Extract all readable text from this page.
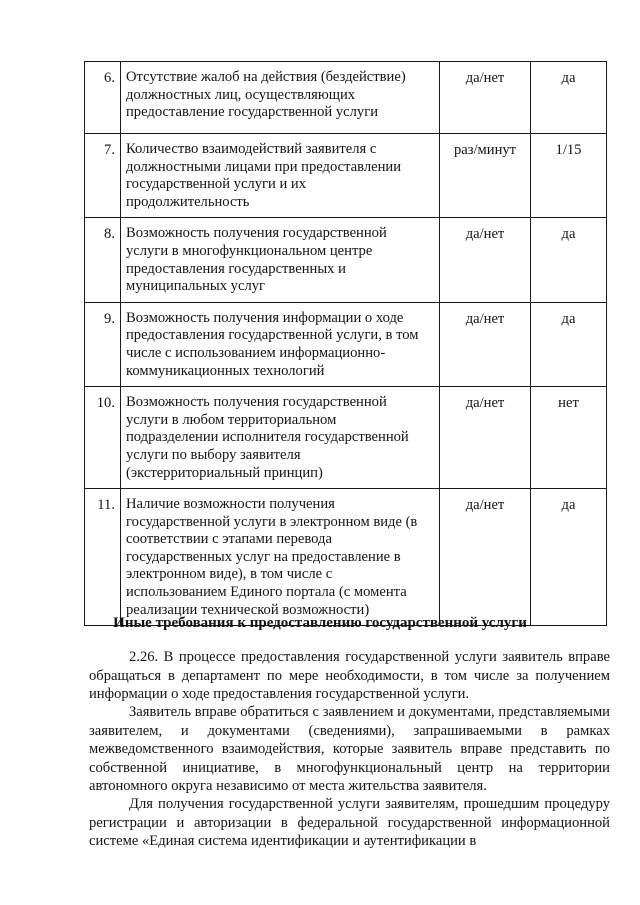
6.	Отсутствие жалоб на действия (бездействие) должностных лиц, осуществляющих предоставление государственной услуги	да/нет	да
7.	Количество взаимодействий заявителя с должностными лицами при предоставлении государственной услуги и их продолжительность	раз/минут	1/15
8.	Возможность получения государственной услуги в многофункциональном центре предоставления государственных и муниципальных услуг	да/нет	да
9.	Возможность получения информации о ходе предоставления государственной услуги, в том числе с использованием информационно-коммуникационных технологий	да/нет	да
10.	Возможность получения государственной услуги в любом территориальном подразделении исполнителя государственной услуги по выбору заявителя (экстерриториальный принцип)	да/нет	нет
11.	Наличие возможности получения государственной услуги в электронном виде (в соответствии с этапами перевода государственных услуг на предоставление в электронном виде), в том числе с использованием Единого портала (с момента реализации технической возможности)	да/нет	да
Иные требования к предоставлению государственной услуги

2.26. В процессе предоставления государственной услуги заявитель вправе обращаться в департамент по мере необходимости, в том числе за получением информации о ходе предоставления государственной услуги.

Заявитель вправе обратиться с заявлением и документами, представляемыми заявителем, и документами (сведениями), запрашиваемыми в рамках межведомственного взаимодействия, которые заявитель вправе представить по собственной инициативе, в многофункциональный центр на территории автономного округа независимо от места жительства заявителя.

Для получения государственной услуги заявителям, прошедшим процедуру регистрации и авторизации в федеральной государственной информационной системе «Единая система идентификации и аутентификации в
